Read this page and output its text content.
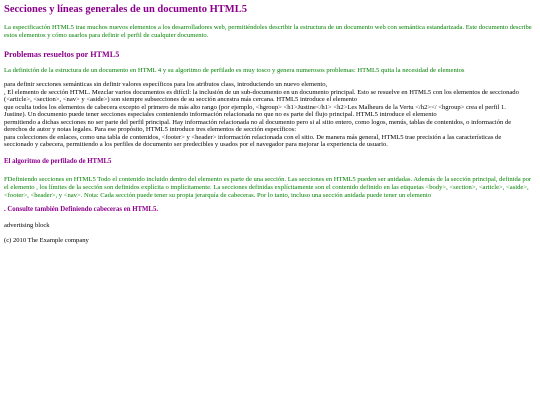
Secciones y líneas generales de un documento HTML5

La especificación HTML5 trae muchos nuevos elementos a los desarrolladores web, permitiéndoles describir la estructura de un documento web con semántica estandarizada. Este documento describe estos elementos y cómo usarlos para definir el perfil de cualquier documento.

Problemas resueltos por HTML5

La definición de la estructura de un documento en HTML 4 y su algoritmo de perfilado es muy tosco y genera numerosos problemas: HTML5 quita la necesidad de elementos

para definir secciones semánticas sin definir valores específicos para los atributos class, introduciendo un nuevo elemento,
, El elemento de sección HTML. Mezclar varios documentos es difícil: la inclusión de un sub-documento en un documento principal. Esto se resuelve en HTML5 con los elementos de seccionado
(<article>, <section>, <nav> y <aside>) son siempre subsecciones de su sección ancestra más cercana. HTML5 introduce el elemento
que oculta todos los elementos de cabecera excepto el primero de más alto rango (por ejemplo, <hgroup> <h1>Justine</h1> <h2>Les Malheurs de la Vertu </h2></ <hgroup> crea el perfil 1.
Justine). Un documento puede tener secciones especiales conteniendo información relacionada no que no es parte del flujo principal. HTML5 introduce el elemento
permitiendo a dichas secciones no ser parte del perfil principal. Hay información relacionada no al documento pero si al sitio entero, como logos, menús, tablas de contenidos, o información de
derechos de autor y notas legales. Para ese propósito, HTML5 introduce tres elementos de sección específicos:
para colecciones de enlaces, como una tabla de contenidos, <footer> y <header> información relacionada con el sitio. De manera más general, HTML5 trae precisión a las características de
seccionado y cabecera, permitiendo a los perfiles de documento ser predecibles y usados por el navegador para mejorar la experiencia de usuario.
El algoritmo de perfilado de HTML5

FDefiniendo secciones en HTML5 Todo el contenido incluido dentro del elemento es parte de una sección. Las secciones en HTML5 pueden ser anidadas. Además de la sección principal, definida por el elemento , los límites de la sección son definidos explícita o implícitamente. La secciones definidas explícitamente son el contenido definido en las etiquetas <body>, <section>, <article>, <aside>, <footer>, <header>, y <nav>. Nota: Cada sección puede tener su propia jerarquía de cabeceras. Por lo tanto, incluso una sección anidada puede tener un elemento

. Consulte también Definiendo cabeceras en HTML5.
advertising block
(c) 2010 The Example company
